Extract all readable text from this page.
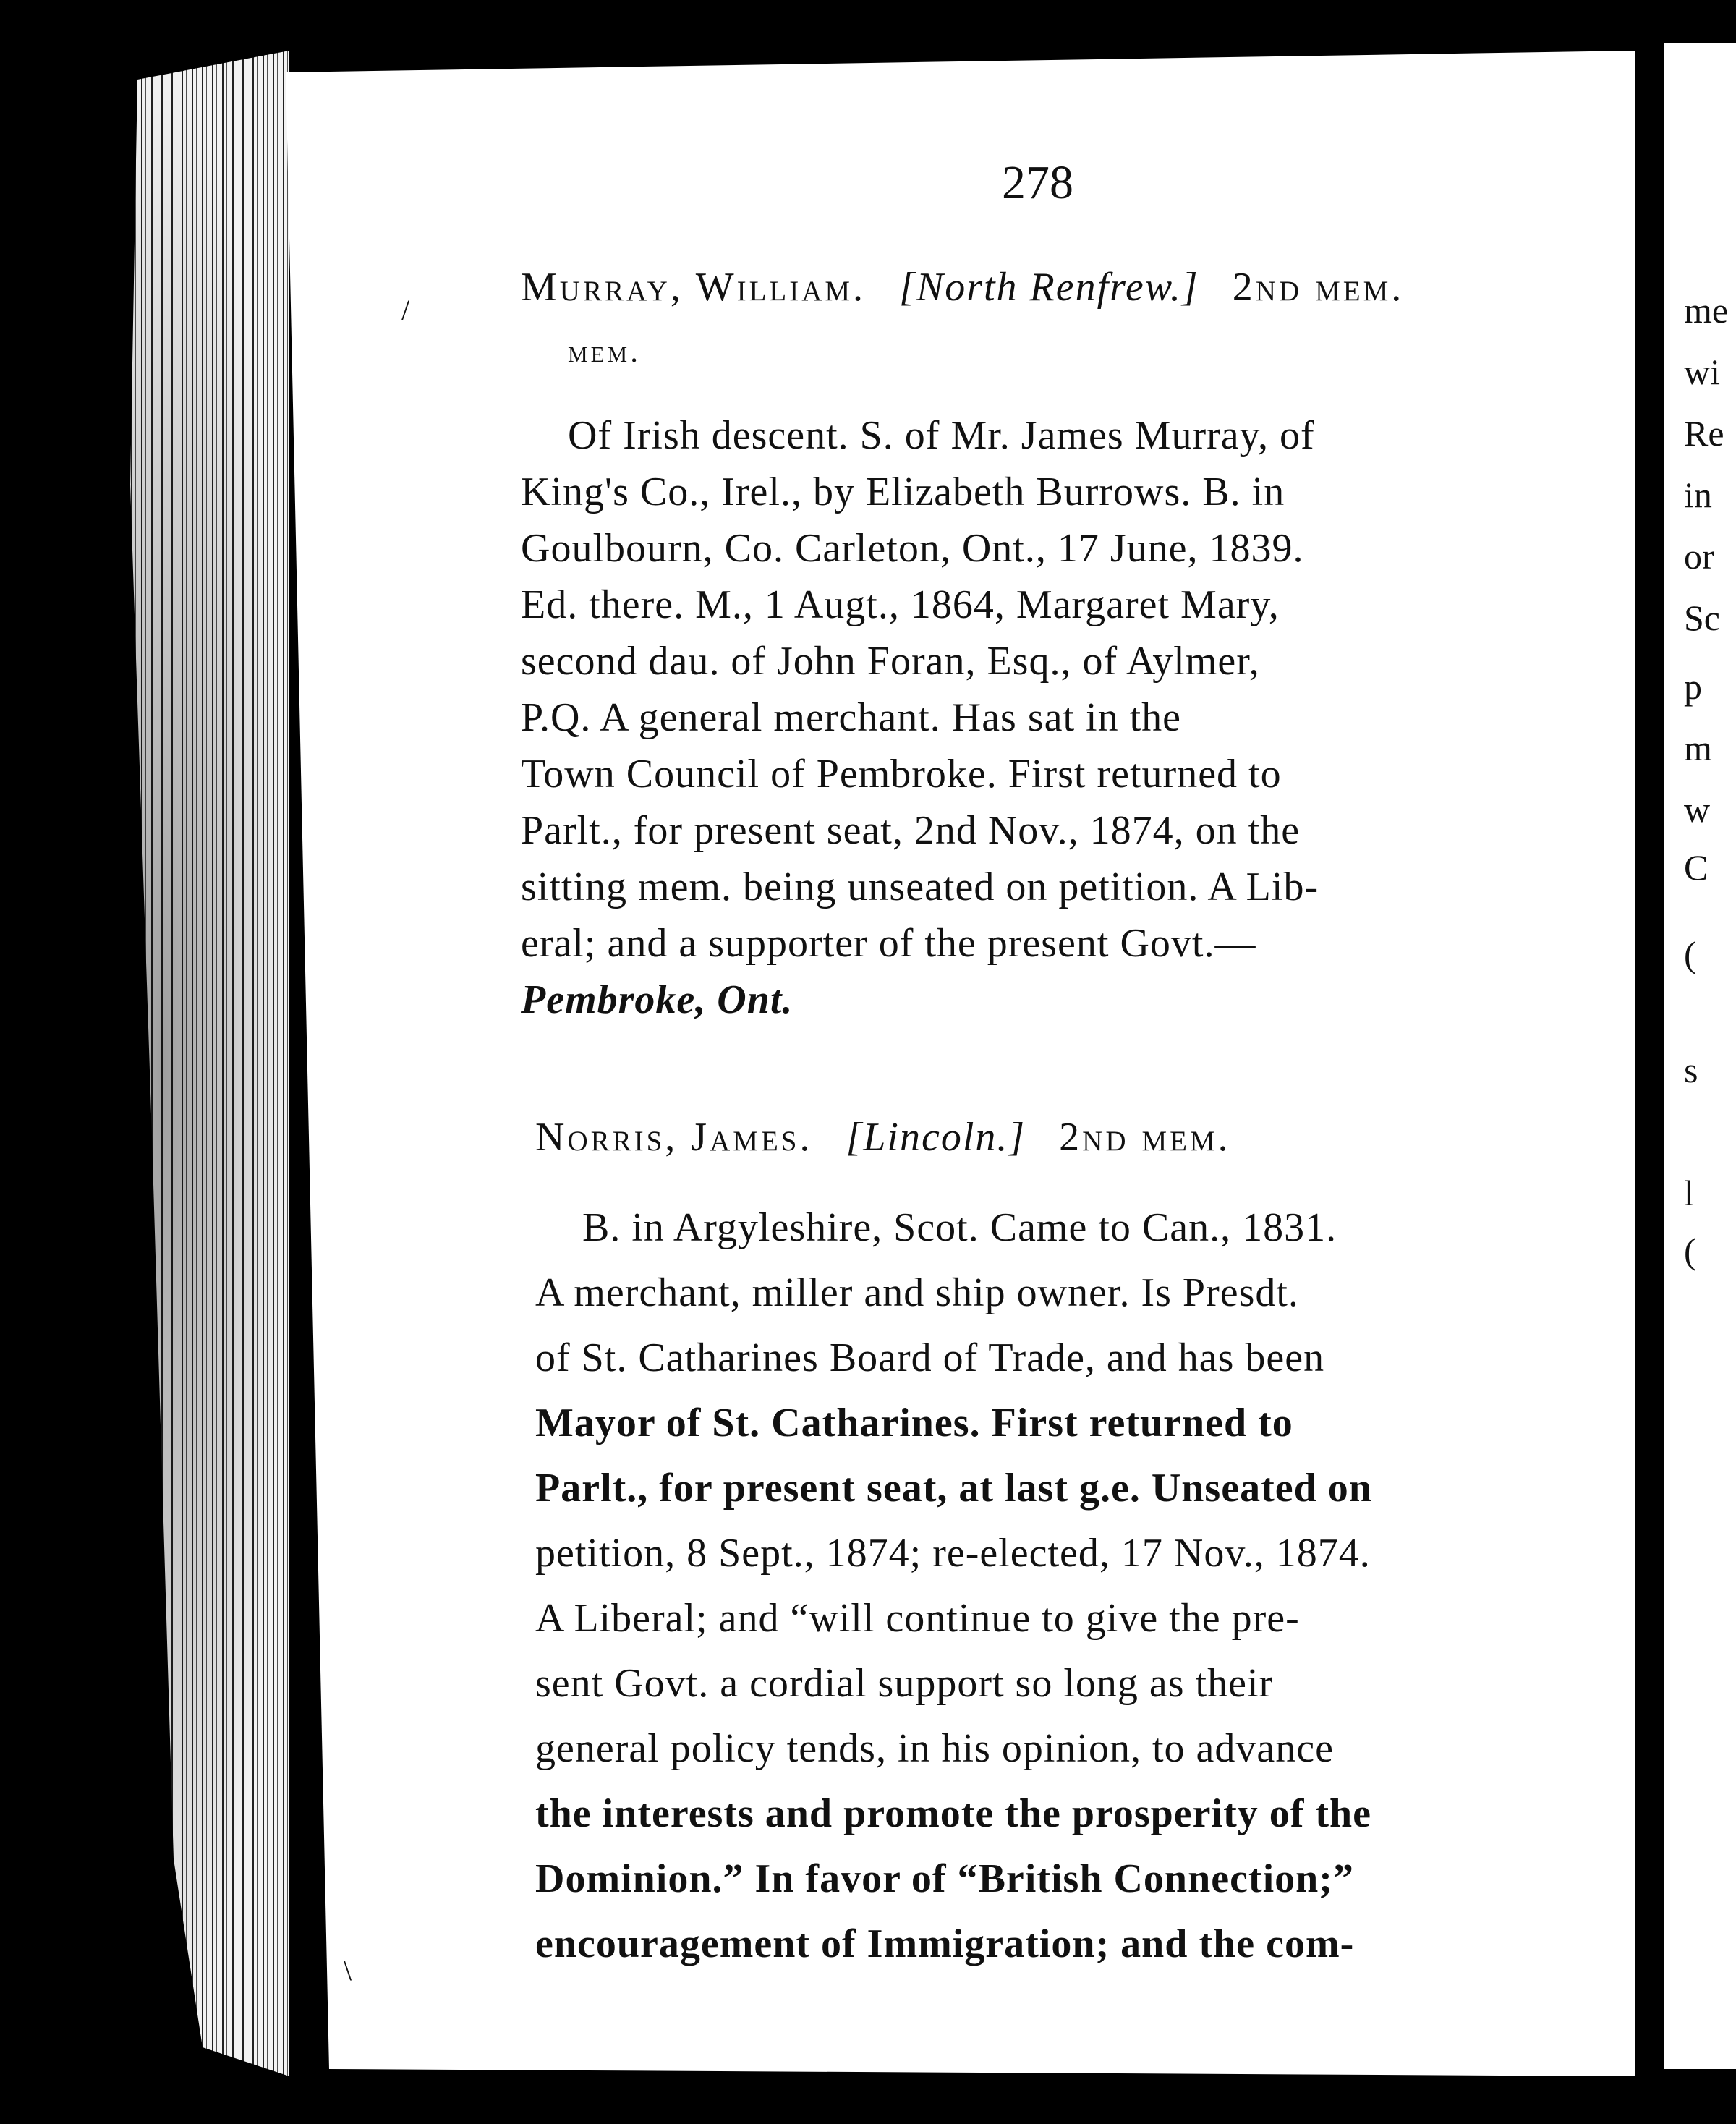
me
wi
Re
in
or
Sc
p
m
w
C
(
s
l
(
278
/
\
Murray, William. [North Renfrew.] 2nd mem.
mem.
Of Irish descent. S. of Mr. James Murray, of
King's Co., Irel., by Elizabeth Burrows. B. in
Goulbourn, Co. Carleton, Ont., 17 June, 1839.
Ed. there. M., 1 Augt., 1864, Margaret Mary,
second dau. of John Foran, Esq., of Aylmer,
P.Q. A general merchant. Has sat in the
Town Council of Pembroke. First returned to
Parlt., for present seat, 2nd Nov., 1874, on the
sitting mem. being unseated on petition. A Lib-
eral; and a supporter of the present Govt.—
Pembroke, Ont.
Norris, James. [Lincoln.] 2nd mem.
B. in Argyleshire, Scot. Came to Can., 1831.
A merchant, miller and ship owner. Is Presdt.
of St. Catharines Board of Trade, and has been
Mayor of St. Catharines. First returned to
Parlt., for present seat, at last g.e. Unseated on
petition, 8 Sept., 1874; re-elected, 17 Nov., 1874.
A Liberal; and “will continue to give the pre-
sent Govt. a cordial support so long as their
general policy tends, in his opinion, to advance
the interests and promote the prosperity of the
Dominion.” In favor of “British Connection;”
encouragement of Immigration; and the com-
